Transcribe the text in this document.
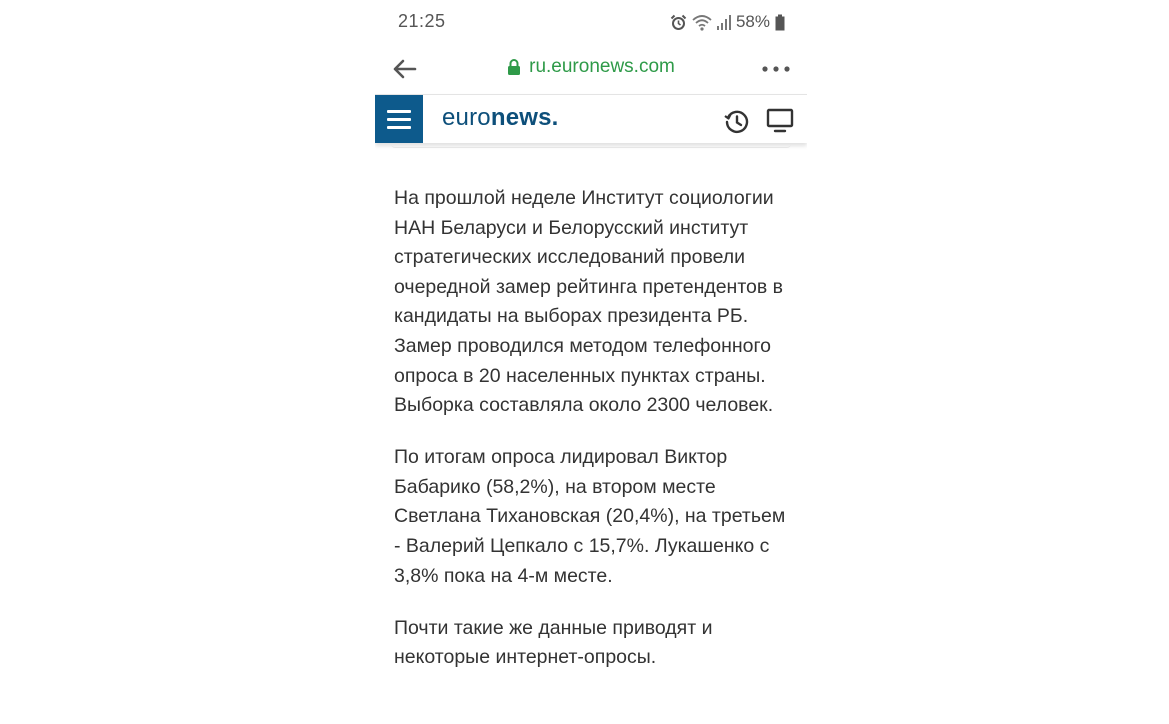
21:25	58%
ru.euronews.com
euronews.

На прошлой неделе Институт социологии НАН Беларуси и Белорусский институт стратегических исследований провели очередной замер рейтинга претендентов в кандидаты на выборах президента РБ. Замер проводился методом телефонного опроса в 20 населенных пунктах страны. Выборка составляла около 2300 человек.

По итогам опроса лидировал Виктор Бабарико (58,2%), на втором месте Светлана Тихановская (20,4%), на третьем - Валерий Цепкало с 15,7%. Лукашенко с 3,8% пока на 4-м месте.

Почти такие же данные приводят и некоторые интернет-опросы.
